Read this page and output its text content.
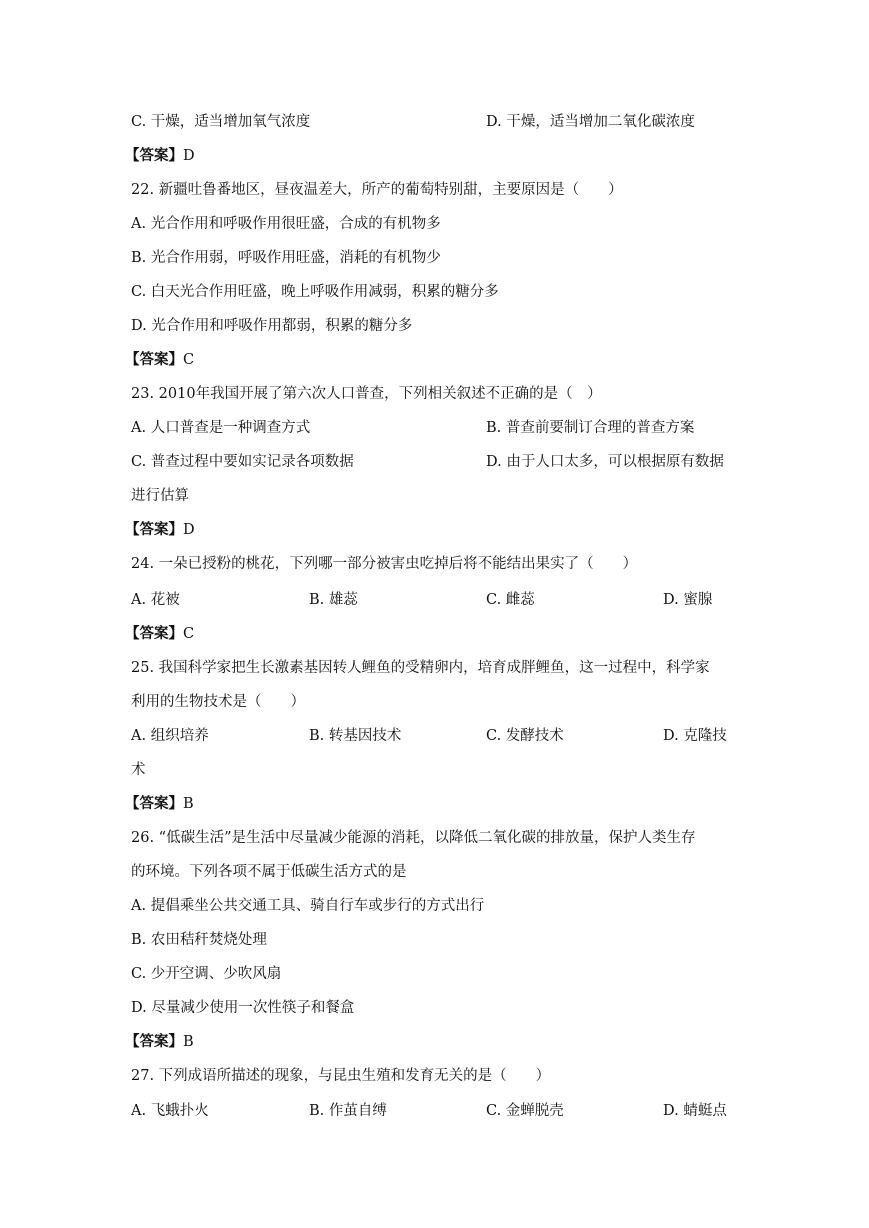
C. 干燥，适当增加氧气浓度	D. 干燥，适当增加二氧化碳浓度
【答案】D
22. 新疆吐鲁番地区，昼夜温差大，所产的葡萄特别甜，主要原因是（　　）
A. 光合作用和呼吸作用很旺盛，合成的有机物多
B. 光合作用弱，呼吸作用旺盛，消耗的有机物少
C. 白天光合作用旺盛，晚上呼吸作用减弱，积累的糖分多
D. 光合作用和呼吸作用都弱，积累的糖分多
【答案】C
23. 2010年我国开展了第六次人口普查，下列相关叙述不正确的是（　）
A. 人口普查是一种调查方式	B. 普查前要制订合理的普查方案
C. 普查过程中要如实记录各项数据	D. 由于人口太多，可以根据原有数据
进行估算
【答案】D
24. 一朵已授粉的桃花，下列哪一部分被害虫吃掉后将不能结出果实了（　　）
A. 花被	B. 雄蕊	C. 雌蕊	D. 蜜腺
【答案】C
25. 我国科学家把生长激素基因转人鲤鱼的受精卵内，培育成胖鲤鱼，这一过程中，科学家
利用的生物技术是（　　）
A. 组织培养	B. 转基因技术	C. 发酵技术	D. 克隆技
术
【答案】B
26. “低碳生活”是生活中尽量减少能源的消耗，以降低二氧化碳的排放量，保护人类生存
的环境。下列各项不属于低碳生活方式的是
A. 提倡乘坐公共交通工具、骑自行车或步行的方式出行
B. 农田秸秆焚烧处理
C. 少开空调、少吹风扇
D. 尽量减少使用一次性筷子和餐盒
【答案】B
27. 下列成语所描述的现象，与昆虫生殖和发育无关的是（　　）
A. 飞蛾扑火	B. 作茧自缚	C. 金蝉脱壳	D. 蜻蜓点
